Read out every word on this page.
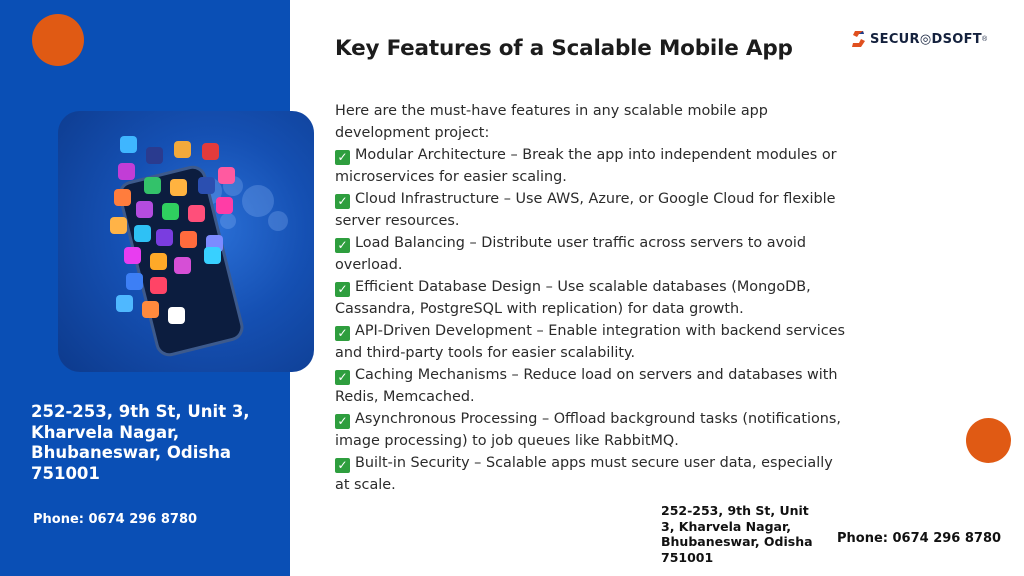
252-253, 9th St, Unit 3, Kharvela Nagar, Bhubaneswar, Odisha 751001
Phone: 0674 296 8780
Key Features of a Scalable Mobile App	SECUR◎DSOFT ®

Here are the must-have features in any scalable mobile app development project:

✓ Modular Architecture – Break the app into independent modules or microservices for easier scaling.

✓ Cloud Infrastructure – Use AWS, Azure, or Google Cloud for flexible server resources.

✓ Load Balancing – Distribute user traffic across servers to avoid overload.

✓ Efficient Database Design – Use scalable databases (MongoDB, Cassandra, PostgreSQL with replication) for data growth.

✓ API-Driven Development – Enable integration with backend services and third-party tools for easier scalability.

✓ Caching Mechanisms – Reduce load on servers and databases with Redis, Memcached.

✓ Asynchronous Processing – Offload background tasks (notifications, image processing) to job queues like RabbitMQ.

✓ Built-in Security – Scalable apps must secure user data, especially at scale.

252-253, 9th St, Unit 3, Kharvela Nagar, Bhubaneswar, Odisha 751001
Phone: 0674 296 8780
